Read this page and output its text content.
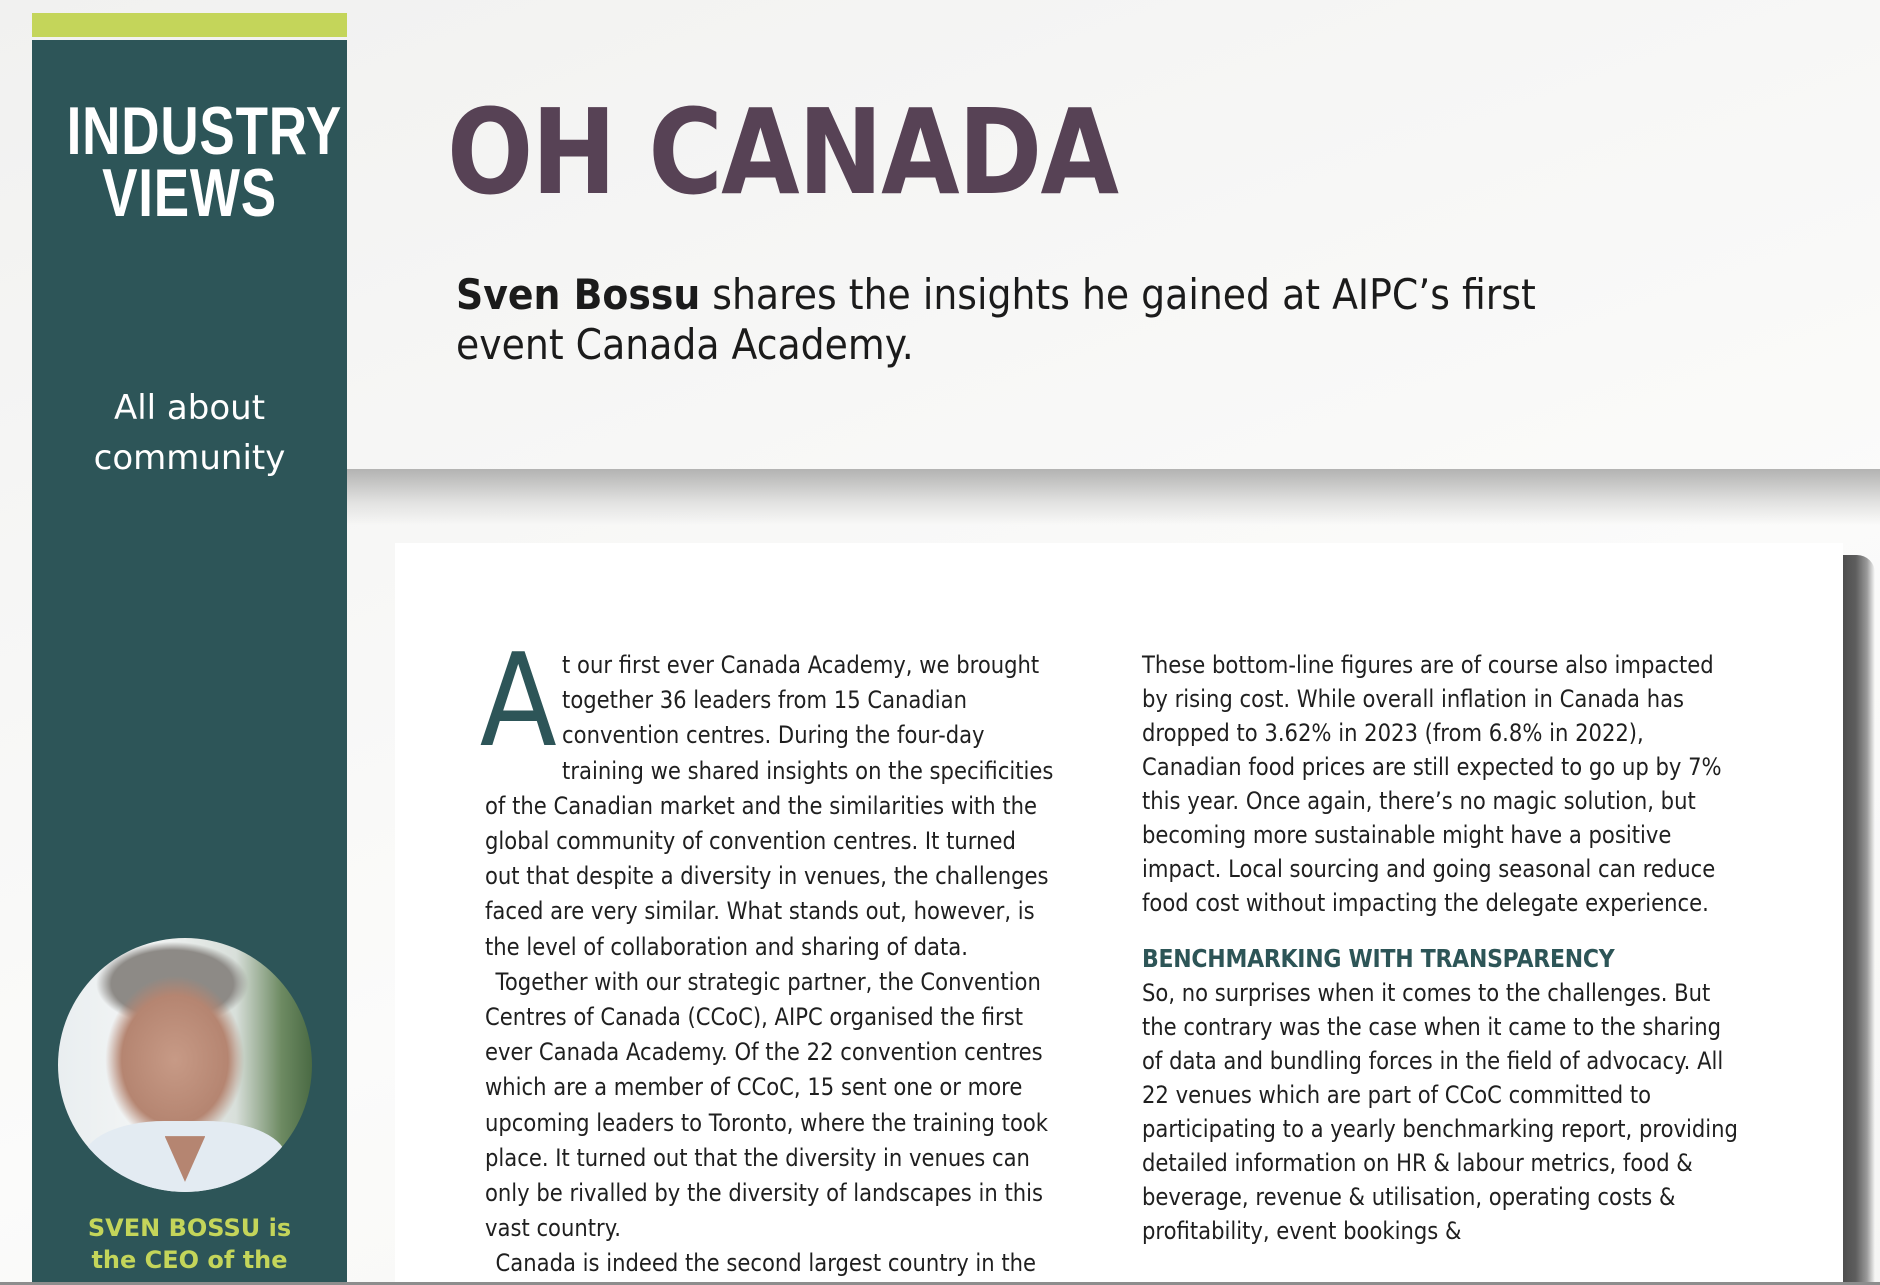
INDUSTRY
VIEWS

All about
community

SVEN BOSSU is
the CEO of the

OH CANADA

Sven Bossu shares the insights he gained at AIPC’s first event Canada Academy.

At our first ever Canada Academy, we brought together 36 leaders from 15 Canadian convention centres. During the four-day training we shared insights on the specificities of the Canadian market and the similarities with the global community of convention centres. It turned out that despite a diversity in venues, the challenges faced are very similar. What stands out, however, is the level of collaboration and sharing of data.

Together with our strategic partner, the Convention Centres of Canada (CCoC), AIPC organised the first ever Canada Academy. Of the 22 convention centres which are a member of CCoC, 15 sent one or more upcoming leaders to Toronto, where the training took place. It turned out that the diversity in venues can only be rivalled by the diversity of landscapes in this vast country.

Canada is indeed the second largest country in the

These bottom-line figures are of course also impacted by rising cost. While overall inflation in Canada has dropped to 3.62% in 2023 (from 6.8% in 2022), Canadian food prices are still expected to go up by 7% this year. Once again, there’s no magic solution, but becoming more sustainable might have a positive impact. Local sourcing and going seasonal can reduce food cost without impacting the delegate experience.

BENCHMARKING WITH TRANSPARENCY

So, no surprises when it comes to the challenges. But the contrary was the case when it came to the sharing of data and bundling forces in the field of advocacy. All 22 venues which are part of CCoC committed to participating to a yearly benchmarking report, providing detailed information on HR & labour metrics, food & beverage, revenue & utilisation, operating costs & profitability, event bookings &
